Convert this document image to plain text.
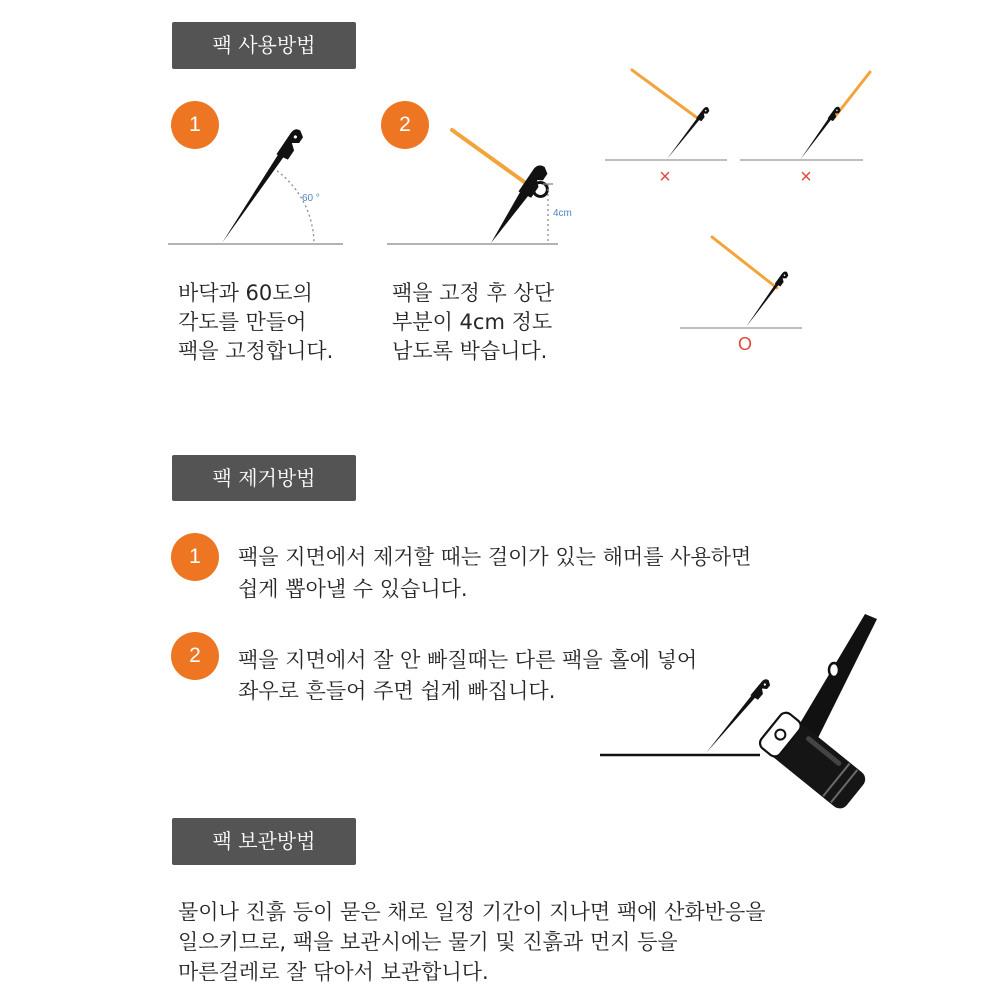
60 °
4cm
×	×
O
팩 사용방법
1	2
바닥과 60도의
각도를 만들어
팩을 고정합니다.
팩을 고정 후 상단
부분이 4cm 정도
남도록 박습니다.
팩 제거방법
1	팩을 지면에서 제거할 때는 걸이가 있는 해머를 사용하면
쉽게 뽑아낼 수 있습니다.
2	팩을 지면에서 잘 안 빠질때는 다른 팩을 홀에 넣어
좌우로 흔들어 주면 쉽게 빠집니다.
팩 보관방법
물이나 진흙 등이 묻은 채로 일정 기간이 지나면 팩에 산화반응을
일으키므로, 팩을 보관시에는 물기 및 진흙과 먼지 등을
마른걸레로 잘 닦아서 보관합니다.
